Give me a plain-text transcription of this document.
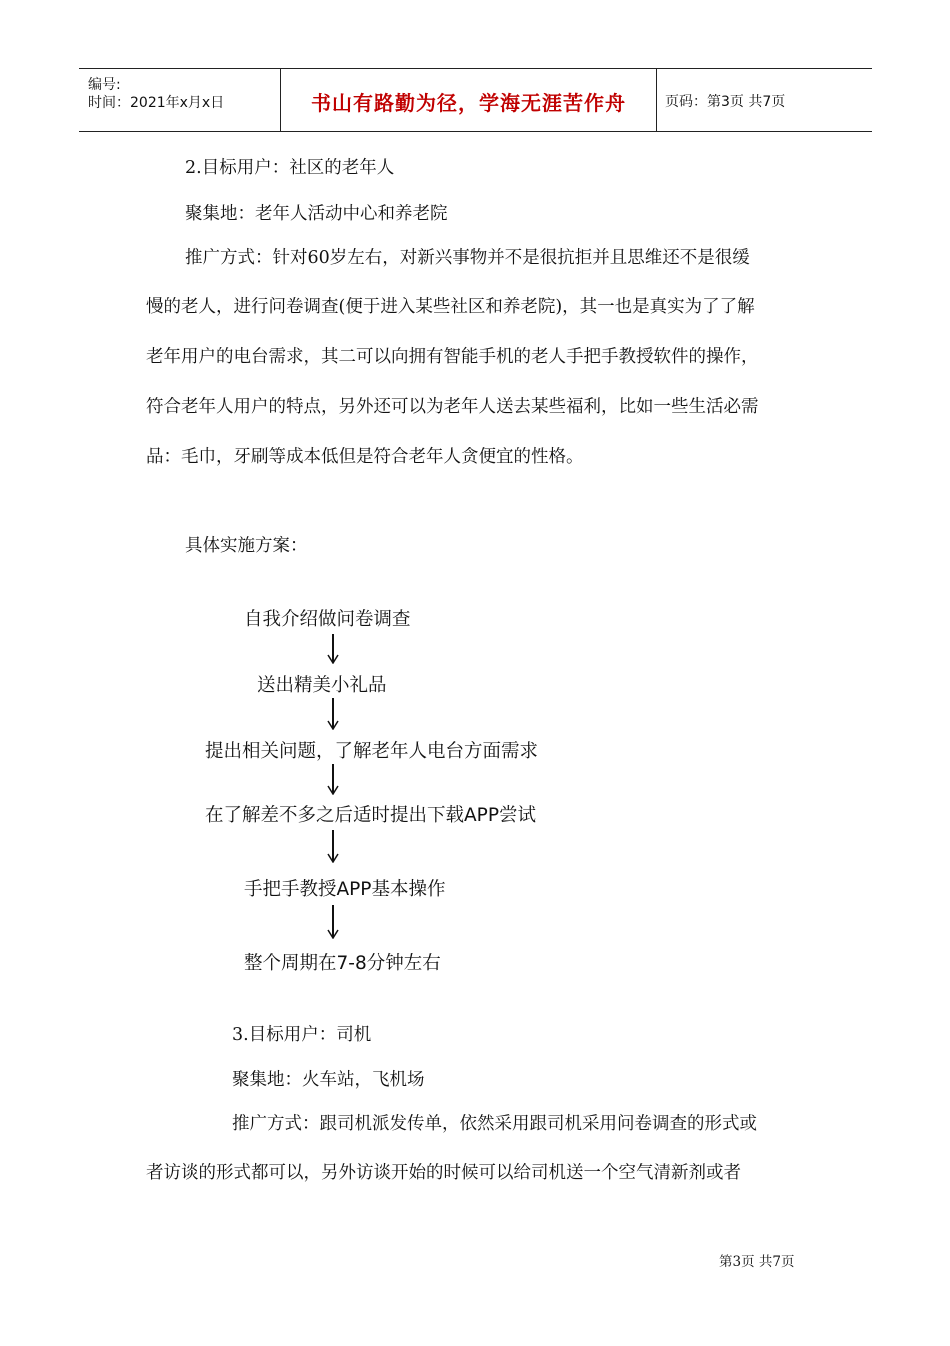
编号:
时间：2021年x月x日	书山有路勤为径，学海无涯苦作舟	页码：第3页 共7页
2.目标用户：社区的老年人
聚集地：老年人活动中心和养老院
推广方式：针对60岁左右，对新兴事物并不是很抗拒并且思维还不是很缓
慢的老人，进行问卷调查(便于进入某些社区和养老院)，其一也是真实为了了解
老年用户的电台需求，其二可以向拥有智能手机的老人手把手教授软件的操作，
符合老年人用户的特点，另外还可以为老年人送去某些福利，比如一些生活必需
品：毛巾，牙刷等成本低但是符合老年人贪便宜的性格。
具体实施方案：
自我介绍做问卷调查
送出精美小礼品
提出相关问题，了解老年人电台方面需求
在了解差不多之后适时提出下载APP尝试
手把手教授APP基本操作
整个周期在7-8分钟左右
3.目标用户：司机
聚集地：火车站，飞机场
推广方式：跟司机派发传单，依然采用跟司机采用问卷调查的形式或
者访谈的形式都可以，另外访谈开始的时候可以给司机送一个空气清新剂或者
第3页 共7页
